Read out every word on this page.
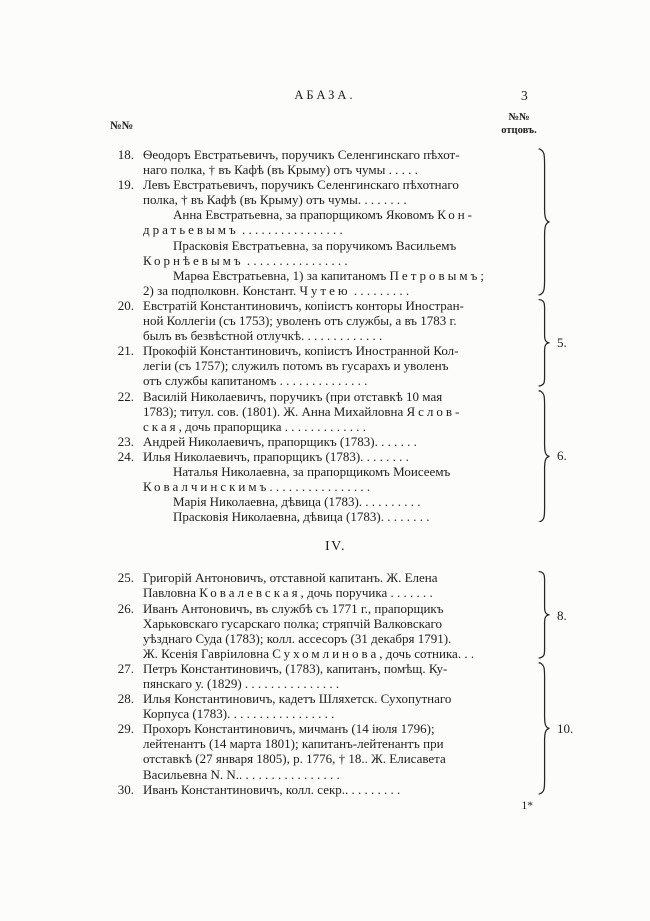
АБАЗА.	3
№№
№№
отцовъ.
18. Ѳеодоръ Евстратьевичъ, поручикъ Селенгинскаго пѣхот-
наго полка, † въ Кафѣ (въ Крыму) отъ чумы . . . . .
19. Левъ Евстратьевичъ, поручикъ Селенгинскаго пѣхотнаго
полка, † въ Кафѣ (въ Крыму) отъ чумы. . . . . . . .
Анна Евстратьевна, за прапорщикомъ Яковомъ Кон-
дратьевымъ . . . . . . . . . . . . . . . .
Прасковія Евстратьевна, за поручикомъ Васильемъ
Корнѣевымъ . . . . . . . . . . . . . . . .
Марѳа Евстратьевна, 1) за капитаномъ Петровымъ;
2) за подполковн. Констант. Чутею . . . . . . . . .
20. Евстратій Константиновичъ, копіистъ конторы Иностран-
ной Коллегіи (съ 1753); уволенъ отъ службы, а въ 1783 г.
былъ въ безвѣстной отлучкѣ. . . . . . . . . . . . .
21. Прокофій Константиновичъ, копіистъ Иностранной Кол-
легіи (съ 1757); служилъ потомъ въ гусарахъ и уволенъ
отъ службы капитаномъ . . . . . . . . . . . . . .
5.
22. Василій Николаевичъ, поручикъ (при отставкѣ 10 мая
1783); титул. сов. (1801). Ж. Анна Михайловна Яслов-
ская, дочь прапорщика . . . . . . . . . . . . .
23. Андрей Николаевичъ, прапорщикъ (1783). . . . . . .
24. Илья Николаевичъ, прапорщикъ (1783). . . . . . . .
Наталья Николаевна, за прапорщикомъ Моисеемъ
Ковалчинскимъ. . . . . . . . . . . . . . . .
Марія Николаевна, дѣвица (1783). . . . . . . . . .
Прасковія Николаевна, дѣвица (1783). . . . . . . .
6.
IV.
25. Григорій Антоновичъ, отставной капитанъ. Ж. Елена
Павловна Ковалевская, дочь поручика . . . . . . .
26. Иванъ Антоновичъ, въ службѣ съ 1771 г., прапорщикъ
Харьковскаго гусарскаго полка; стряпчій Валковскаго
уѣзднаго Суда (1783); колл. ассесоръ (31 декабря 1791).
Ж. Ксенія Гавріиловна Сухомлинова, дочь сотника. . .
8.
27. Петръ Константиновичъ, (1783), капитанъ, помѣщ. Ку-
пянскаго у. (1829) . . . . . . . . . . . . . . .
28. Илья Константиновичъ, кадетъ Шляхетск. Сухопутнаго
Корпуса (1783). . . . . . . . . . . . . . . . .
29. Прохоръ Константиновичъ, мичманъ (14 іюля 1796);
лейтенантъ (14 марта 1801); капитанъ-лейтенантъ при
отставкѣ (27 января 1805), р. 1776, † 18.. Ж. Елисавета
Васильевна N. N.. . . . . . . . . . . . . . . .
30. Иванъ Константиновичъ, колл. секр.. . . . . . . . .
10.
1*
